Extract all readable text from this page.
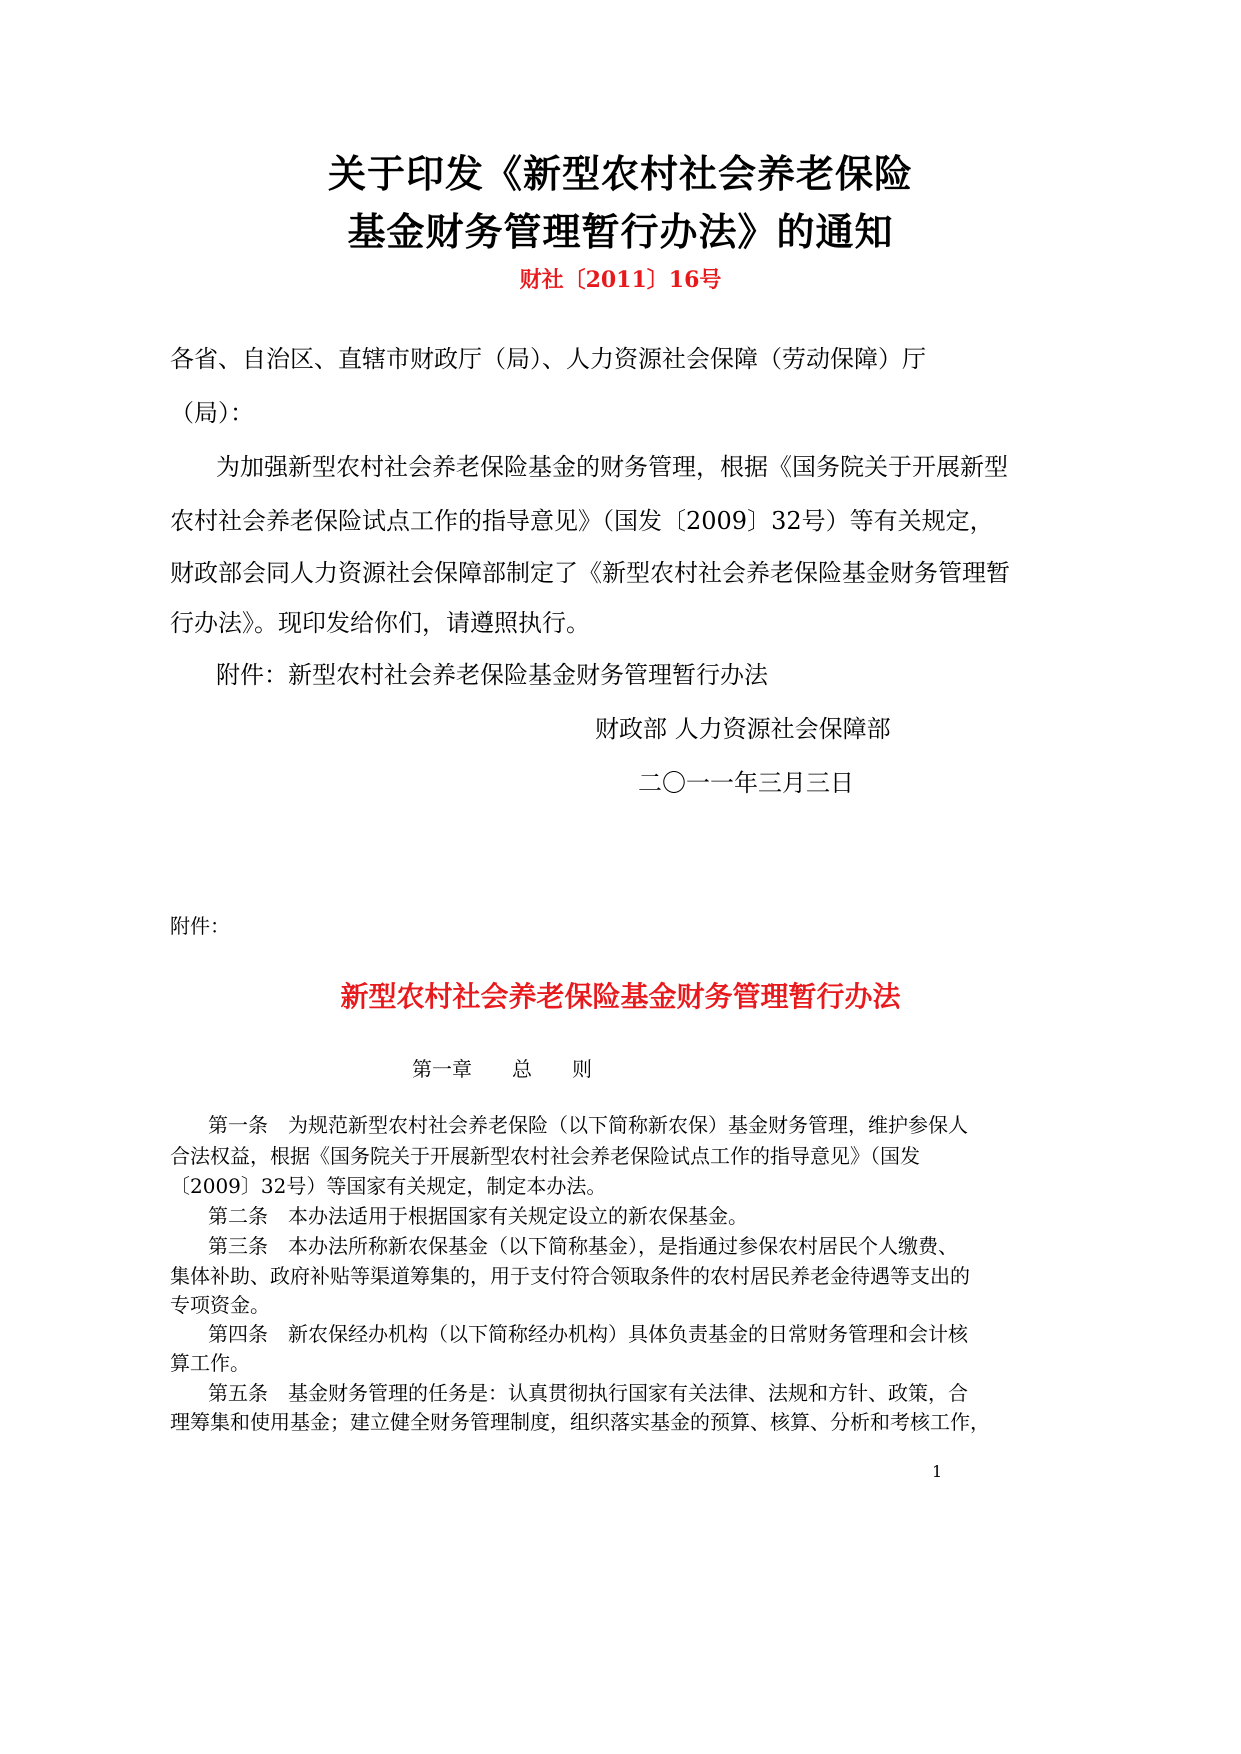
关于印发《新型农村社会养老保险
基金财务管理暂行办法》的通知
财社〔2011〕16号
各省、自治区、直辖市财政厅（局）、人力资源社会保障（劳动保障）厅
（局）：
为加强新型农村社会养老保险基金的财务管理，根据《国务院关于开展新型
农村社会养老保险试点工作的指导意见》（国发〔2009〕32号）等有关规定，
财政部会同人力资源社会保障部制定了《新型农村社会养老保险基金财务管理暂
行办法》。现印发给你们，请遵照执行。
附件：新型农村社会养老保险基金财务管理暂行办法
财政部 人力资源社会保障部
二〇一一年三月三日
附件：
新型农村社会养老保险基金财务管理暂行办法
第一章　　总　　则
第一条　为规范新型农村社会养老保险（以下简称新农保）基金财务管理，维护参保人
合法权益，根据《国务院关于开展新型农村社会养老保险试点工作的指导意见》（国发
〔2009〕32号）等国家有关规定，制定本办法。
第二条　本办法适用于根据国家有关规定设立的新农保基金。
第三条　本办法所称新农保基金（以下简称基金），是指通过参保农村居民个人缴费、
集体补助、政府补贴等渠道筹集的，用于支付符合领取条件的农村居民养老金待遇等支出的
专项资金。
第四条　新农保经办机构（以下简称经办机构）具体负责基金的日常财务管理和会计核
算工作。
第五条　基金财务管理的任务是：认真贯彻执行国家有关法律、法规和方针、政策，合
理筹集和使用基金；建立健全财务管理制度，组织落实基金的预算、核算、分析和考核工作，
1
